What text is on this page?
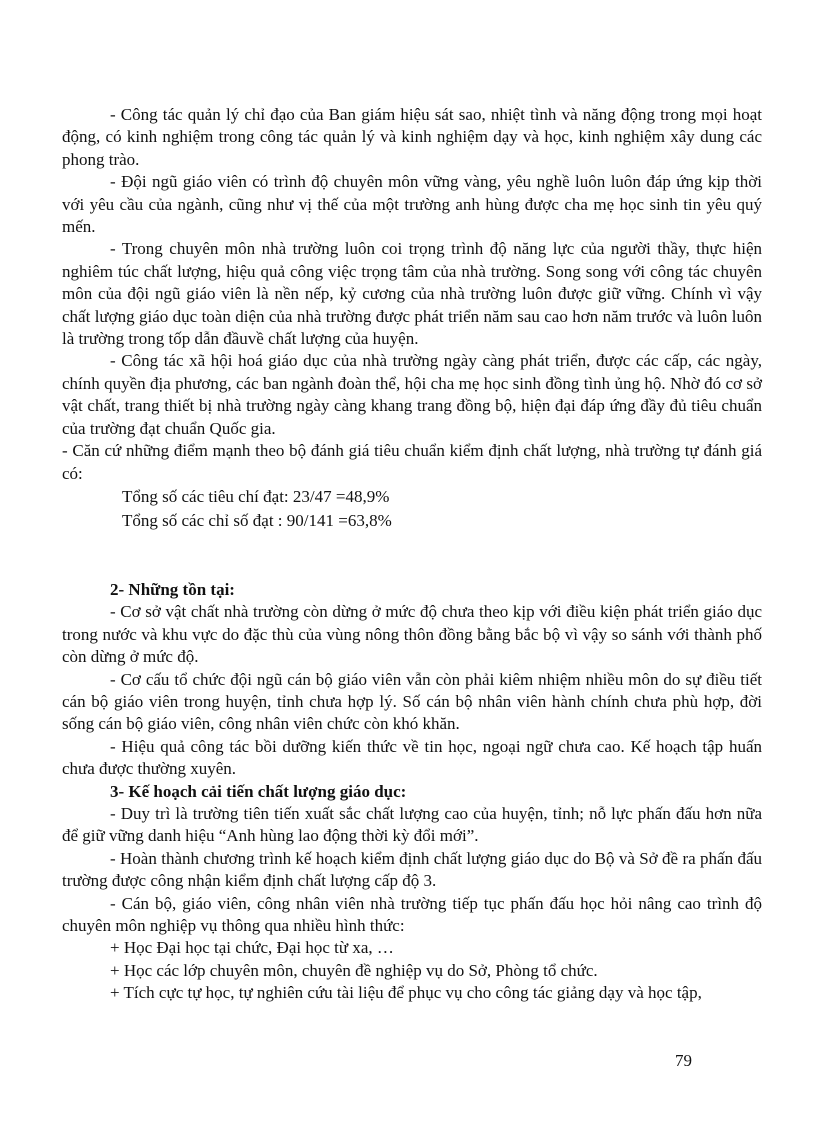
- Công tác quản lý chỉ đạo của Ban giám hiệu sát sao, nhiệt tình và năng động trong mọi hoạt động, có kinh nghiệm trong công tác quản lý và kinh nghiệm dạy và học, kinh nghiệm xây dung các phong trào.

- Đội ngũ giáo viên có trình độ chuyên môn vững vàng, yêu nghề luôn luôn đáp ứng kịp thời với yêu cầu của ngành, cũng như vị thế của một trường anh hùng được cha mẹ học sinh tin yêu quý mến.

- Trong chuyên môn nhà trường luôn coi trọng trình độ năng lực của người thầy, thực hiện nghiêm túc chất lượng, hiệu quả công việc trọng tâm của nhà trường. Song song với công tác chuyên môn của đội ngũ giáo viên là nền nếp, kỷ cương của nhà trường luôn được giữ vững. Chính vì vậy chất lượng giáo dục toàn diện của nhà trường được phát triển năm sau cao hơn năm trước và luôn luôn là trường trong tốp dẫn đầuvề chất lượng của huyện.

- Công tác xã hội hoá giáo dục của nhà trường ngày càng phát triển, được các cấp, các ngày, chính quyền địa phương, các ban ngành đoàn thể, hội cha mẹ học sinh đồng tình ủng hộ. Nhờ đó cơ sở vật chất, trang thiết bị nhà trường ngày càng khang trang đồng bộ, hiện đại đáp ứng đầy đủ tiêu chuẩn của trường đạt chuẩn Quốc gia.

- Căn cứ những điểm mạnh theo bộ đánh giá tiêu chuẩn kiểm định chất lượng, nhà trường tự đánh giá có:

Tổng số các tiêu chí đạt: 23/47 =48,9%

Tổng số các chỉ số đạt : 90/141 =63,8%

2- Những tồn tại:

- Cơ sở vật chất nhà trường còn dừng ở mức độ chưa theo kịp với điều kiện phát triển giáo dục trong nước và khu vực do đặc thù của vùng nông thôn đồng bằng bắc bộ vì vậy so sánh với thành phố còn dừng ở mức độ.

- Cơ cấu tổ chức đội ngũ cán bộ giáo viên vẫn còn phải kiêm nhiệm nhiều môn do sự điều tiết cán bộ giáo viên trong huyện, tỉnh chưa hợp lý. Số cán bộ nhân viên hành chính chưa phù hợp, đời sống cán bộ giáo viên, công nhân viên chức còn khó khăn.

- Hiệu quả công tác bồi dưỡng kiến thức về tin học, ngoại ngữ chưa cao. Kế hoạch tập huấn chưa được thường xuyên.

3- Kế hoạch cải tiến chất lượng giáo dục:

- Duy trì là trường tiên tiến xuất sắc chất lượng cao của huyện, tỉnh; nỗ lực phấn đấu hơn nữa để giữ vững danh hiệu “Anh hùng lao động thời kỳ đổi mới”.

- Hoàn thành chương trình kế hoạch kiểm định chất lượng giáo dục do Bộ và Sở đề ra phấn đấu trường được công nhận kiểm định chất lượng cấp độ 3.

- Cán bộ, giáo viên, công nhân viên nhà trường tiếp tục phấn đấu học hỏi nâng cao trình độ chuyên môn nghiệp vụ thông qua nhiều hình thức:

+ Học Đại học tại chức, Đại học từ xa, …

+ Học các lớp chuyên môn, chuyên đề nghiệp vụ do Sở, Phòng tổ chức.

+ Tích cực tự học, tự nghiên cứu tài liệu để phục vụ cho công tác giảng dạy và học tập,

79
